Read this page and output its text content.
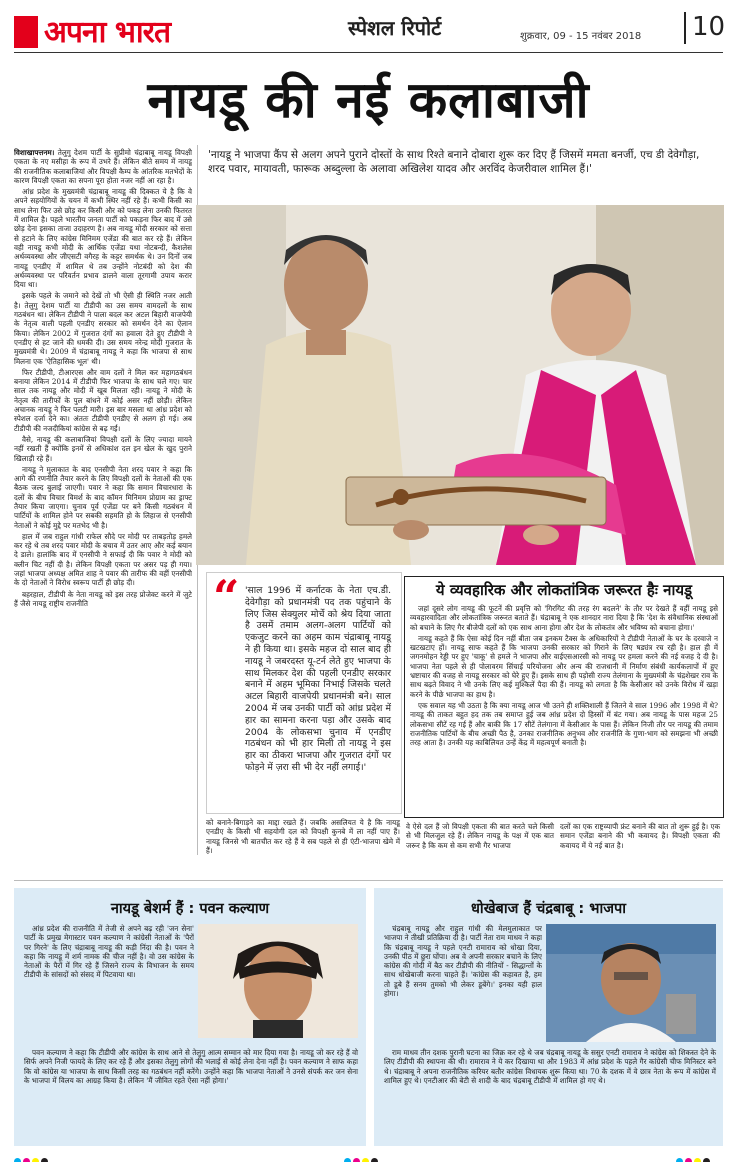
अपना भारत	स्पेशल रिपोर्ट	शुक्रवार, 09 - 15 नवंबर 2018 10
नायडू की नई कलाबाजी

विशाखापत्तनम। तेलुगु देशम पार्टी के सुप्रीमो चंद्राबाबू नायडू विपक्षी एकता के नए मसीहा के रूप में उभरे हैं। लेकिन बीते समय में नायडू की राजनीतिक कलाबाजियां और विपक्षी कैम्प के आंतरिक मतभेदों के कारण विपक्षी एकता का सपना पूरा होता नजर नहीं आ रहा है।

आंध्र प्रदेश के मुख्यमंत्री चंद्राबाबू नायडू की दिक्कत ये है कि वे अपने सहयोगियों के चयन में कभी स्थिर नहीं रहे हैं। कभी किसी का साथ लेना फिर उसे छोड़ कर किसी और को पकड़ लेना उनकी फितरत में शामिल है। पहले भारतीय जनता पार्टी को पकड़ना फिर बाद में उसे छोड़ देना इसका ताजा उदाहरण है। अब नायडू मोदी सरकार को सत्ता से हटाने के लिए कांग्रेस मिनिमम एजेंडा की बात कर रहे हैं। लेकिन वही नायडू कभी मोदी के आर्थिक एजेंडा यथा नोटबन्दी, कैशलेस अर्थव्यवस्था और जीएसटी वगैरह के कट्टर समर्थक थे। उन दिनों जब नायडू एनडीए में शामिल थे तब उन्होंने नोटबंदी को देश की अर्थव्यवस्था पर परिवर्तन प्रभाव डालने वाला तूरगामी उपाय करार दिया था।

इसके पहले के जमाने को देखें तो भी ऐसी ही स्थिति नजर आती है। तेलुगु देशम पार्टी या टीडीपी का उस समय वामदलों के साथ गठबंधन था। लेकिन टीडीपी ने पाला बदल कर अटल बिहारी वाजपेयी के नेतृत्व वाली पहली एनडीए सरकार को समर्थन देने का ऐलान किया। लेकिन 2002 में गुजरात दंगों का हवाला देते हुए टीडीपी ने एनडीए से हट जाने की धमकी दी। उस समय नरेन्द्र मोदी गुजरात के मुख्यमंत्री थे। 2009 में चंद्राबाबू नायडू ने कहा कि भाजपा से साथ मिलना एक 'ऐतिहासिक भूल' थी।

फिर टीडीपी, टीआरएस और वाम दलों ने मिल कर महागठबंधन बनाया लेकिन 2014 में टीडीपी फिर भाजपा के साथ चले गए। चार साल तक नायडू और मोदी में खूब मिलता रही। नायडू ने मोदी के नेतृत्व की तारीफों के पुल बांधने में कोई असर नहीं छोड़ी। लेकिन अचानक नायडू ने फिर पलटी मारी। इस बार मसला था आंध्र प्रदेश को स्पेशल दर्जा देने का। अंततः टीडीपी एनडीए से अलग हो गई। अब टीडीपी की नजदीकियां कांग्रेस से बढ़ गईं।

वैसे, नायडू की कलाबाजियां विपक्षी दलों के लिए ज्यादा मायने नहीं रखती हैं क्योंकि इनमें से अधिकांश दल इन खेल के खुद पुराने खिलाड़ी रहे हैं।

नायडू ने मुलाकात के बाद एनसीपी नेता शरद पवार ने कहा कि आगे की रणनीति तैयार करने के लिए विपक्षी दलों के नेताओं की एक बैठक जल्द बुलाई जाएगी। पवार ने कहा कि समान विचारधारा के दलों के बीच विचार विमर्श के बाद कॉमन मिनिमम प्रोग्राम का ड्राफ्ट तैयार किया जाएगा। चुनाव पूर्व एजेंडा पर बने किसी गठबंधन में पार्टियों के शामिल होने पर सबकी सहमति हो के लिहाज से एनसीपी नेताओं ने कोई मुद्दे पर मतभेद भी है।

हाल में जब राहुल गांधी राफेल सौदे पर मोदी पर ताबड़तोड़ हमले कर रहे थे तब शरद पवार मोदी के बचाव में उतर आए और कई बयान दे डाले। हालांकि बाद में एनसीपी ने सफाई दी कि पवार ने मोदी को क्लीन चिट नहीं दी है। लेकिन विपक्षी एकता पर असर पड़ ही गया। जहां भाजपा अध्यक्ष अमित शाह ने पवार की तारीफ की वहीं एनसीपी के दो नेताओं ने विरोध स्वरूप पार्टी ही छोड़ दी।

बहरहाल, टीडीपी के नेता नायडू को इस तरह प्रोजेक्ट करने में जुटे हैं जैसे नायडू राष्ट्रीय राजनीति

'नायडू ने भाजपा कैंप से अलग अपने पुराने दोस्तों के साथ रिश्ते बनाने दोबारा शुरू कर दिए हैं जिसमें ममता बनर्जी, एच डी देवेगौड़ा, शरद पवार, मायावती, फारूक अब्दुल्ला के अलावा अखिलेश यादव और अरविंद केजरीवाल शामिल हैं।'
'साल 1996 में कर्नाटक के नेता एच.डी. देवेगौड़ा को प्रधानमंत्री पद तक पहुंचाने के लिए जिस सेक्युलर मोर्चे को श्रेय दिया जाता है उसमें तमाम अलग-अलग पार्टियों को एकजुट करने का अहम काम चंद्राबाबू नायडू ने ही किया था। इसके महज दो साल बाद ही नायडू ने जबरदस्त यू-टर्न लेते हुए भाजपा के साथ मिलकर देश की पहली एनडीए सरकार बनाने में अहम भूमिका निभाई जिसके चलते अटल बिहारी वाजपेयी प्रधानमंत्री बने। साल 2004 में जब उनकी पार्टी को आंध्र प्रदेश में हार का सामना करना पड़ा और उसके बाद 2004 के लोकसभा चुनाव में एनडीए गठबंधन को भी हार मिली तो नायडू ने इस हार का ठीकरा भाजपा और गुजरात दंगों पर फोड़ने में ज़रा सी भी देर नहीं लगाई।'
“	ये व्यवहारिक और लोकतांत्रिक जरूरत हैः नायडू

जहां दूसरे लोग नायडू की फूटनें की प्रवृत्ति को 'गिरगिट की तरह रंग बदलने' के तौर पर देखते हैं वहीं नायडू इसे व्यवहारवादिता और लोकतांत्रिक जरूरत बताते हैं। चंद्राबाबू ने एक शानदार नारा दिया है कि 'देश के संवैधानिक संस्थाओं को बचाने के लिए गैर बीजेपी दलों को एक साथ आना होगा और देश के लोकतंत्र और भविष्य को बचाना होगा।'

नायडू कहते हैं कि ऐसा कोई दिन नहीं बीता जब इनकम टैक्स के अधिकारियों ने टीडीपी नेताओं के घर के दरवाजे न खटखटाए हों। नायडू साफ कहते हैं कि भाजपा उनकी सरकार को गिराने के लिए षड्यंत्र रच रही है। हाल ही में जगनमोहन रेड्डी पर हुए 'चाकू' से हमले ने भाजपा और वाईएसआरसी को नायडू पर हमला करने की नई वजह दे दी है। भाजपा नेता पहले से ही पोलावरम सिंचाई परियोजना और अन्य की राजधानी में निर्माण संबंधी कार्यकलापों में हुए भ्रष्टाचार की वजह से नायडू सरकार को घेरे हुए हैं। इसके साथ ही पड़ोसी राज्य तेलंगाना के मुख्यमंत्री के चंद्रशेखर राव के साथ बढ़ते विवाद ने भी उनके लिए कई मुश्किलें पैदा की हैं। नायडू को लगता है कि केसीआर को उनके विरोध में खड़ा करने के पीछे भाजपा का हाथ है।

एक सवाल यह भी उठता है कि क्या नायडू आज भी उतने ही शक्तिशाली हैं जितने वे साल 1996 और 1998 में थे? नायडू की ताकत बहुत हद तक तब समाप्त हुई जब आंध्र प्रदेश दो हिस्सों में बंट गया। अब नायडू के पास महज 25 लोकसभा सीटें रह गई हैं और बाकी कि 17 सीटें तेलंगाना में केसीआर के पास हैं। लेकिन निजी तौर पर नायडू की तमाम राजनीतिक पार्टियों के बीच अच्छी पैठ है, उनका राजनीतिक अनुभव और राजनीति के गुणा-भाग को समझना भी अच्छी तरह आता है। उनकी यह काबिलियत उन्हें केंद्र में महत्वपूर्ण बनाती है।

को बनाने-बिगाड़ने का माद्दा रखते हैं। जबकि असलियत ये है कि नायडू एनडीए के किसी भी सहयोगी दल को विपक्षी कुनबे में ला नहीं पाए हैं। नायडू जिनसे भी बातचीत कर रहे हैं वे सब पहले से ही एंटी-भाजपा खेमे में हैं।
वे ऐसे दल हैं जो विपक्षी एकता की बात करते चले किसी से भी मिलजुल रहे हैं। लेकिन नायडू के पक्ष में एक बात जरूर है कि कम से कम सभी गैर भाजपा
दलों का एक राष्ट्रव्यापी फ्रंट बनाने की बात तो शुरू हुई है। एक समान एजेंडा बनाने की भी कवायद है। विपक्षी एकता की कवायद में ये नई बात है।
नायडू बेशर्म हैं : पवन कल्याण

आंध्र प्रदेश की राजनीति में तेजी से अपने बढ़ रही 'जन सेना' पार्टी के प्रमुख मेगास्टार पवन कल्याण ने कांग्रेसी नेताओं के 'पैरों पर गिरने' के लिए चंद्राबाबू नायडू की कड़ी निंदा की है। पवन ने कहा कि नायडू में शर्म नामक की चीज नहीं है। वो उस कांग्रेस के नेताओं के पैरों में गिर रहे हैं जिसने राज्य के विभाजन के समय टीडीपी के सांसदों को संसद में पिटवाया था।

पवन कल्याण ने कहा कि टीडीपी और कांग्रेस के साथ आने से तेलुगु आत्म सम्मान को मार दिया गया है। नायडू जो कर रहे हैं वो सिर्फ अपने निजी फायदे के लिए कर रहे हैं और इसका तेलुगु लोगों की भलाई से कोई लेना देना नहीं है। पवन कल्याण ने साफ कहा कि वो कांग्रेस या भाजपा के साथ किसी तरह का गठबंधन नहीं करेंगे। उन्होंने कहा कि भाजपा नेताओं ने उनसे संपर्क कर जन सेना के भाजपा में विलय का आग्रह किया है। लेकिन 'मैं जीवित रहते ऐसा नहीं होगा।'
धोखेबाज हैं चंद्रबाबू : भाजपा

चंद्रबाबू नायडू और राहुल गांधी की मेलमुलाकात पर भाजपा ने तीखी प्रतिक्रिया दी है। पार्टी नेता राम माधव ने कहा कि चंद्रबाबू नायडू ने पहले एनटी रामाराव को धोखा दिया, उनकी पीठ में छुरा घोंपा। अब वे अपनी सरकार बचाने के लिए कांग्रेस की गोदी में बैठ कर टीडीपी की नीतियों - सिद्धान्तों के साथ धोखेबाजी करना चाहते हैं। 'कांग्रेस की कहावत है, हम तो डूबे हैं सनम तुमको भी लेकर डूबेंगे।' इनका यही हाल होगा।

राम माधव तीन दशक पुरानी घटना का जिक्र कर रहे थे जब चंद्रबाबू नायडू के ससुर एनटी रामाराव ने कांग्रेस को शिकस्त देने के लिए टीडीपी की स्थापना की थी। रामाराव ने ये कर दिखाया था और 1983 में आंध्र प्रदेश के पहले गैर कांग्रेसी चीफ मिनिस्टर बने थे। चंद्राबाबू ने अपना राजनीतिक करियर बतौर कांग्रेस विधायक शुरू किया था। 70 के दशक में वे छात्र नेता के रूप में कांग्रेस में शामिल हुए थे। एनटीआर की बेटी से शादी के बाद चंद्रबाबू टीडीपी में शामिल हो गए थे।
